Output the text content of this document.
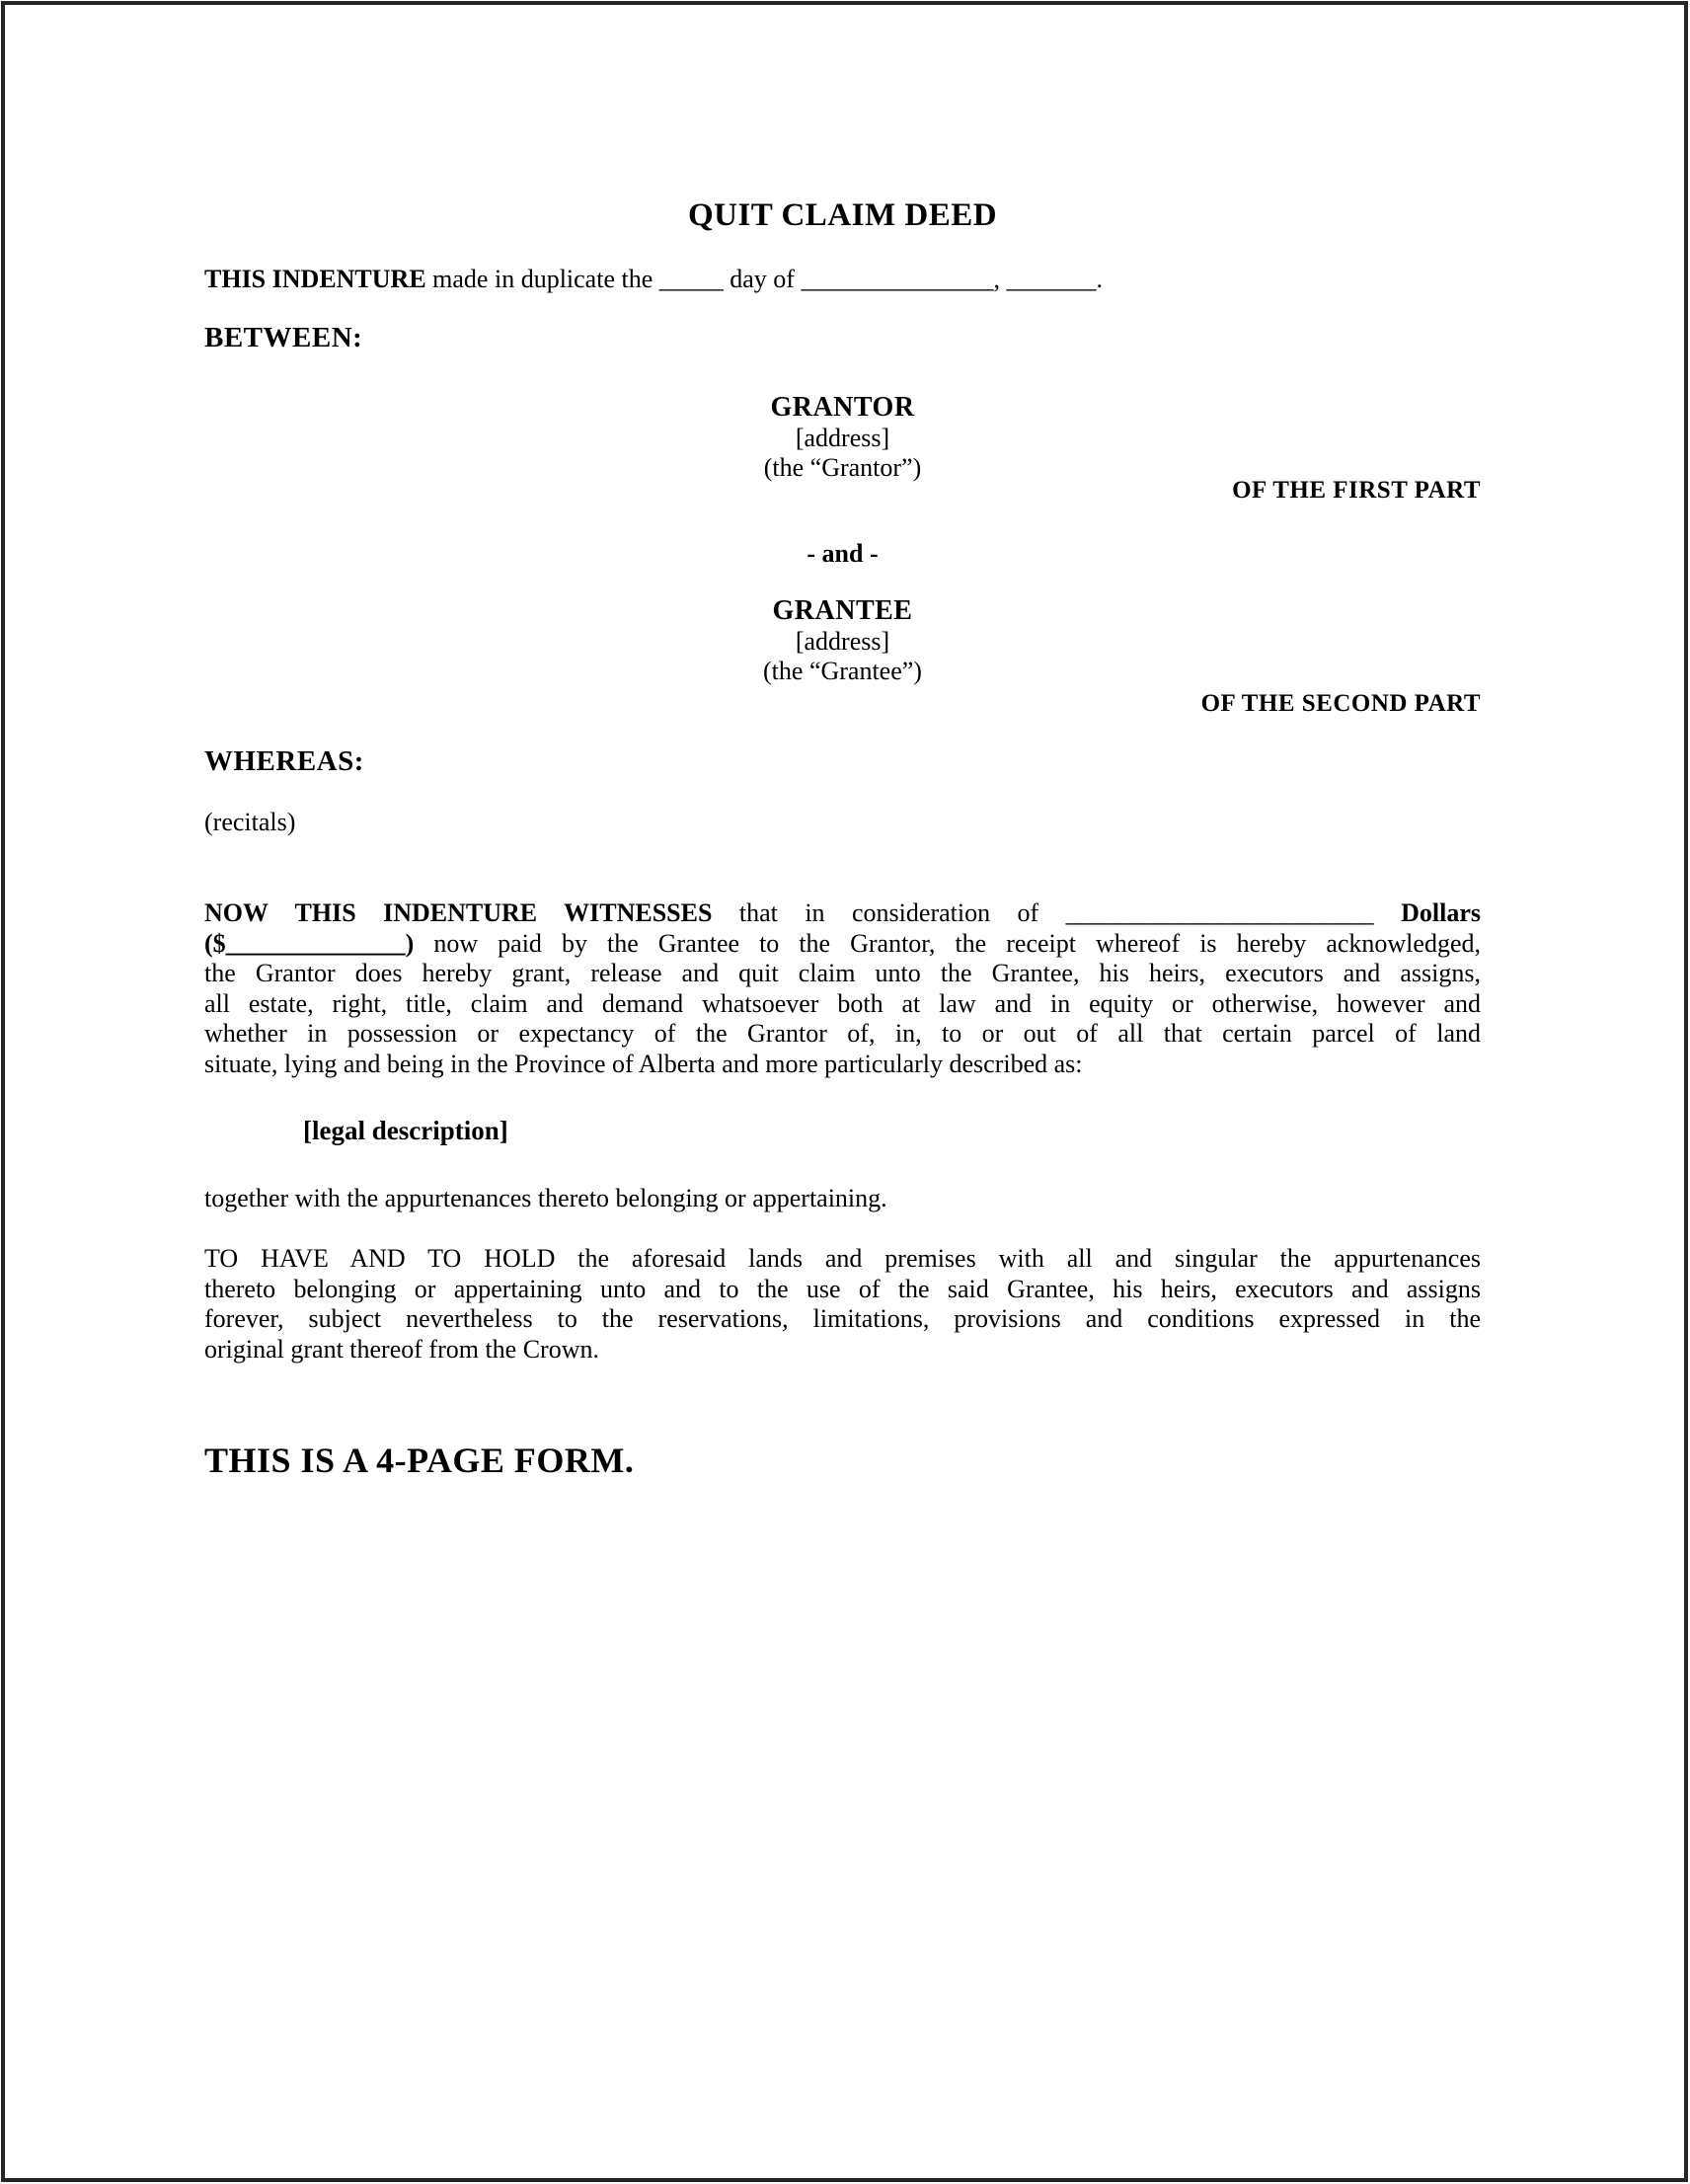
QUIT CLAIM DEED
THIS INDENTURE made in duplicate the _____ day of _______________, _______.
BETWEEN:
GRANTOR
[address]
(the “Grantor”)
OF THE FIRST PART
- and -
GRANTEE
[address]
(the “Grantee”)
OF THE SECOND PART
WHEREAS:
(recitals)
NOW THIS INDENTURE WITNESSES that in consideration of ________________________ Dollars
($______________) now paid by the Grantee to the Grantor, the receipt whereof is hereby acknowledged,
the Grantor does hereby grant, release and quit claim unto the Grantee, his heirs, executors and assigns,
all estate, right, title, claim and demand whatsoever both at law and in equity or otherwise, however and
whether in possession or expectancy of the Grantor of, in, to or out of all that certain parcel of land
situate, lying and being in the Province of Alberta and more particularly described as:
[legal description]
together with the appurtenances thereto belonging or appertaining.
TO HAVE AND TO HOLD the aforesaid lands and premises with all and singular the appurtenances
thereto belonging or appertaining unto and to the use of the said Grantee, his heirs, executors and assigns
forever, subject nevertheless to the reservations, limitations, provisions and conditions expressed in the
original grant thereof from the Crown.
THIS IS A 4-PAGE FORM.
